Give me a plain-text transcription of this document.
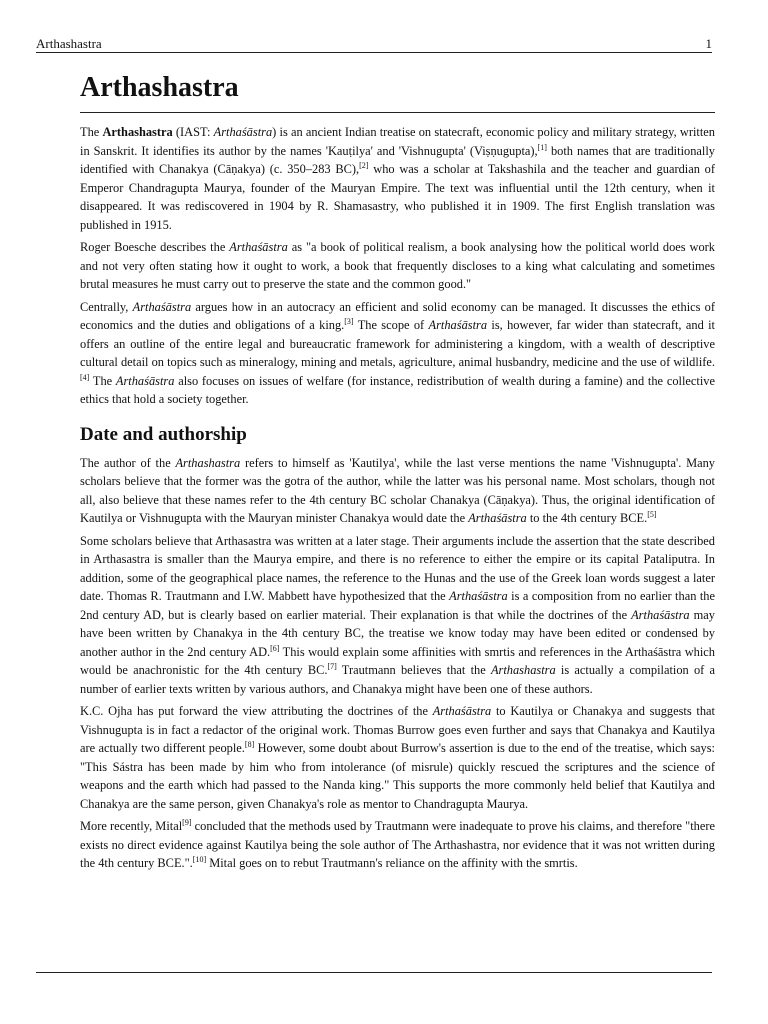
Arthashastra	1
Arthashastra

The Arthashastra (IAST: Arthaśāstra) is an ancient Indian treatise on statecraft, economic policy and military strategy, written in Sanskrit. It identifies its author by the names 'Kauṭilya' and 'Vishnugupta' (Viṣṇugupta),[1] both names that are traditionally identified with Chanakya (Cāṇakya) (c. 350–283 BC),[2] who was a scholar at Takshashila and the teacher and guardian of Emperor Chandragupta Maurya, founder of the Mauryan Empire. The text was influential until the 12th century, when it disappeared. It was rediscovered in 1904 by R. Shamasastry, who published it in 1909. The first English translation was published in 1915.

Roger Boesche describes the Arthaśāstra as "a book of political realism, a book analysing how the political world does work and not very often stating how it ought to work, a book that frequently discloses to a king what calculating and sometimes brutal measures he must carry out to preserve the state and the common good."

Centrally, Arthaśāstra argues how in an autocracy an efficient and solid economy can be managed. It discusses the ethics of economics and the duties and obligations of a king.[3] The scope of Arthaśāstra is, however, far wider than statecraft, and it offers an outline of the entire legal and bureaucratic framework for administering a kingdom, with a wealth of descriptive cultural detail on topics such as mineralogy, mining and metals, agriculture, animal husbandry, medicine and the use of wildlife.[4] The Arthaśāstra also focuses on issues of welfare (for instance, redistribution of wealth during a famine) and the collective ethics that hold a society together.

Date and authorship

The author of the Arthashastra refers to himself as 'Kautilya', while the last verse mentions the name 'Vishnugupta'. Many scholars believe that the former was the gotra of the author, while the latter was his personal name. Most scholars, though not all, also believe that these names refer to the 4th century BC scholar Chanakya (Cāṇakya). Thus, the original identification of Kautilya or Vishnugupta with the Mauryan minister Chanakya would date the Arthaśāstra to the 4th century BCE.[5]

Some scholars believe that Arthasastra was written at a later stage. Their arguments include the assertion that the state described in Arthasastra is smaller than the Maurya empire, and there is no reference to either the empire or its capital Pataliputra. In addition, some of the geographical place names, the reference to the Hunas and the use of the Greek loan words suggest a later date. Thomas R. Trautmann and I.W. Mabbett have hypothesized that the Arthaśāstra is a composition from no earlier than the 2nd century AD, but is clearly based on earlier material. Their explanation is that while the doctrines of the Arthaśāstra may have been written by Chanakya in the 4th century BC, the treatise we know today may have been edited or condensed by another author in the 2nd century AD.[6] This would explain some affinities with smrtis and references in the Arthaśāstra which would be anachronistic for the 4th century BC.[7] Trautmann believes that the Arthashastra is actually a compilation of a number of earlier texts written by various authors, and Chanakya might have been one of these authors.

K.C. Ojha has put forward the view attributing the doctrines of the Arthaśāstra to Kautilya or Chanakya and suggests that Vishnugupta is in fact a redactor of the original work. Thomas Burrow goes even further and says that Chanakya and Kautilya are actually two different people.[8] However, some doubt about Burrow's assertion is due to the end of the treatise, which says: "This Sástra has been made by him who from intolerance (of misrule) quickly rescued the scriptures and the science of weapons and the earth which had passed to the Nanda king." This supports the more commonly held belief that Kautilya and Chanakya are the same person, given Chanakya's role as mentor to Chandragupta Maurya.

More recently, Mital[9] concluded that the methods used by Trautmann were inadequate to prove his claims, and therefore "there exists no direct evidence against Kautilya being the sole author of The Arthashastra, nor evidence that it was not written during the 4th century BCE.".[10] Mital goes on to rebut Trautmann's reliance on the affinity with the smrtis.
